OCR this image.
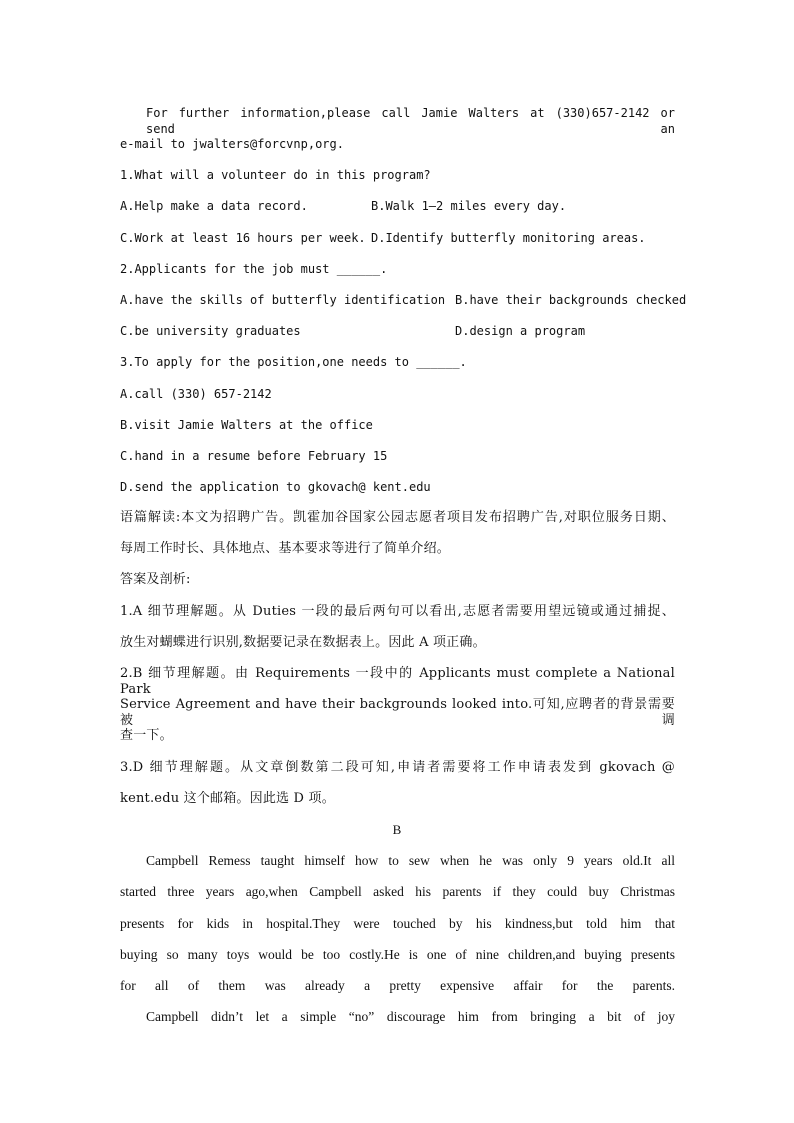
For further information,please call Jamie Walters at (330)657-2142 or send an

e-mail to jwalters@forcvnp,org.

1.What will a volunteer do in this program?

A.Help make a data record.	B.Walk 1—2 miles every day.
C.Work at least 16 hours per week. D.Identify butterfly monitoring areas.

2.Applicants for the job must ______.

A.have the skills of butterfly identification B.have their backgrounds checked
C.be university graduates	D.design a program

3.To apply for the position,one needs to ______.

A.call (330) 657-2142

B.visit Jamie Walters at the office

C.hand in a resume before February 15

D.send the application to gkovach@ kent.edu

语篇解读:本文为招聘广告。凯霍加谷国家公园志愿者项目发布招聘广告,对职位服务日期、

每周工作时长、具体地点、基本要求等进行了简单介绍。

答案及剖析:

1.A 细节理解题。从 Duties 一段的最后两句可以看出,志愿者需要用望远镜或通过捕捉、

放生对蝴蝶进行识别,数据要记录在数据表上。因此 A 项正确。

2.B 细节理解题。由 Requirements 一段中的 Applicants must complete a National Park

Service Agreement and have their backgrounds looked into.可知,应聘者的背景需要被调

查一下。

3.D 细节理解题。从文章倒数第二段可知,申请者需要将工作申请表发到 gkovach @

kent.edu 这个邮箱。因此选 D 项。

B

Campbell Remess taught himself how to sew when he was only 9 years old.It all

started three years ago,when Campbell asked his parents if they could buy Christmas

presents for kids in hospital.They were touched by his kindness,but told him that

buying so many toys would be too costly.He is one of nine children,and buying presents

for all of them was already a pretty expensive affair for the parents.

Campbell didn’t let a simple “no” discourage him from bringing a bit of joy
